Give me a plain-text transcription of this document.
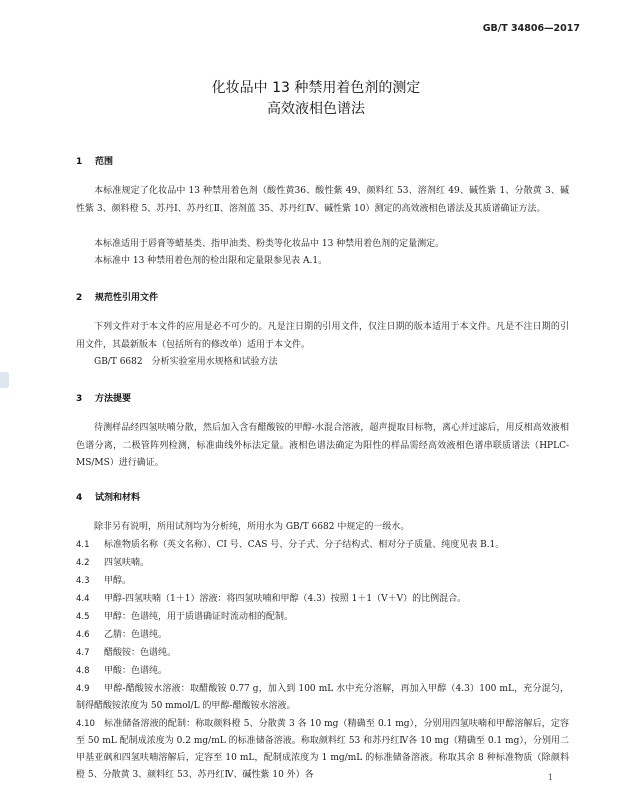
GB/T 34806—2017
化妆品中 13 种禁用着色剂的测定
高效液相色谱法
1 范围

本标准规定了化妆品中 13 种禁用着色剂（酸性黄36、酸性紫 49、颜料红 53、溶剂红 49、碱性紫 1、分散黄 3、碱性紫 3、颜料橙 5、苏丹Ⅰ、苏丹红Ⅱ、溶剂蓝 35、苏丹红Ⅳ、碱性紫 10）测定的高效液相色谱法及其质谱确证方法。

本标准适用于唇膏等蜡基类、指甲油类、粉类等化妆品中 13 种禁用着色剂的定量测定。

本标准中 13 种禁用着色剂的检出限和定量限参见表 A.1。

2 规范性引用文件

下列文件对于本文件的应用是必不可少的。凡是注日期的引用文件，仅注日期的版本适用于本文件。凡是不注日期的引用文件，其最新版本（包括所有的修改单）适用于本文件。

GB/T 6682　分析实验室用水规格和试验方法

3 方法提要

待测样品经四氢呋喃分散，然后加入含有醋酸铵的甲醇-水混合溶液，超声提取目标物，离心并过滤后，用反相高效液相色谱分离，二极管阵列检测，标准曲线外标法定量。液相色谱法确定为阳性的样品需经高效液相色谱串联质谱法（HPLC-MS/MS）进行确证。

4 试剂和材料

除非另有说明，所用试剂均为分析纯，所用水为 GB/T 6682 中规定的一级水。

4.1 标准物质名称（英文名称）、CI 号、CAS 号、分子式、分子结构式、相对分子质量、纯度见表 B.1。
4.2 四氢呋喃。
4.3 甲醇。
4.4 甲醇-四氢呋喃（1＋1）溶液：将四氢呋喃和甲醇（4.3）按照 1＋1（V＋V）的比例混合。
4.5 甲醇：色谱纯，用于质谱确证时流动相的配制。
4.6 乙腈：色谱纯。
4.7 醋酸铵：色谱纯。
4.8 甲酸：色谱纯。
4.9 甲醇-醋酸铵水溶液：取醋酸铵 0.77 g，加入到 100 mL 水中充分溶解，再加入甲醇（4.3）100 mL，充分混匀，制得醋酸铵浓度为 50 mmol/L 的甲醇-醋酸铵水溶液。
4.10 标准储备溶液的配制：称取颜料橙 5、分散黄 3 各 10 mg（精确至 0.1 mg），分别用四氢呋喃和甲醇溶解后，定容至 50 mL 配制成浓度为 0.2 mg/mL 的标准储备溶液。称取颜料红 53 和苏丹红Ⅳ各 10 mg（精确至 0.1 mg），分别用二甲基亚砜和四氢呋喃溶解后，定容至 10 mL，配制成浓度为 1 mg/mL 的标准储备溶液。称取其余 8 种标准物质（除颜料橙 5、分散黄 3、颜料红 53、苏丹红Ⅳ、碱性紫 10 外）各	1
